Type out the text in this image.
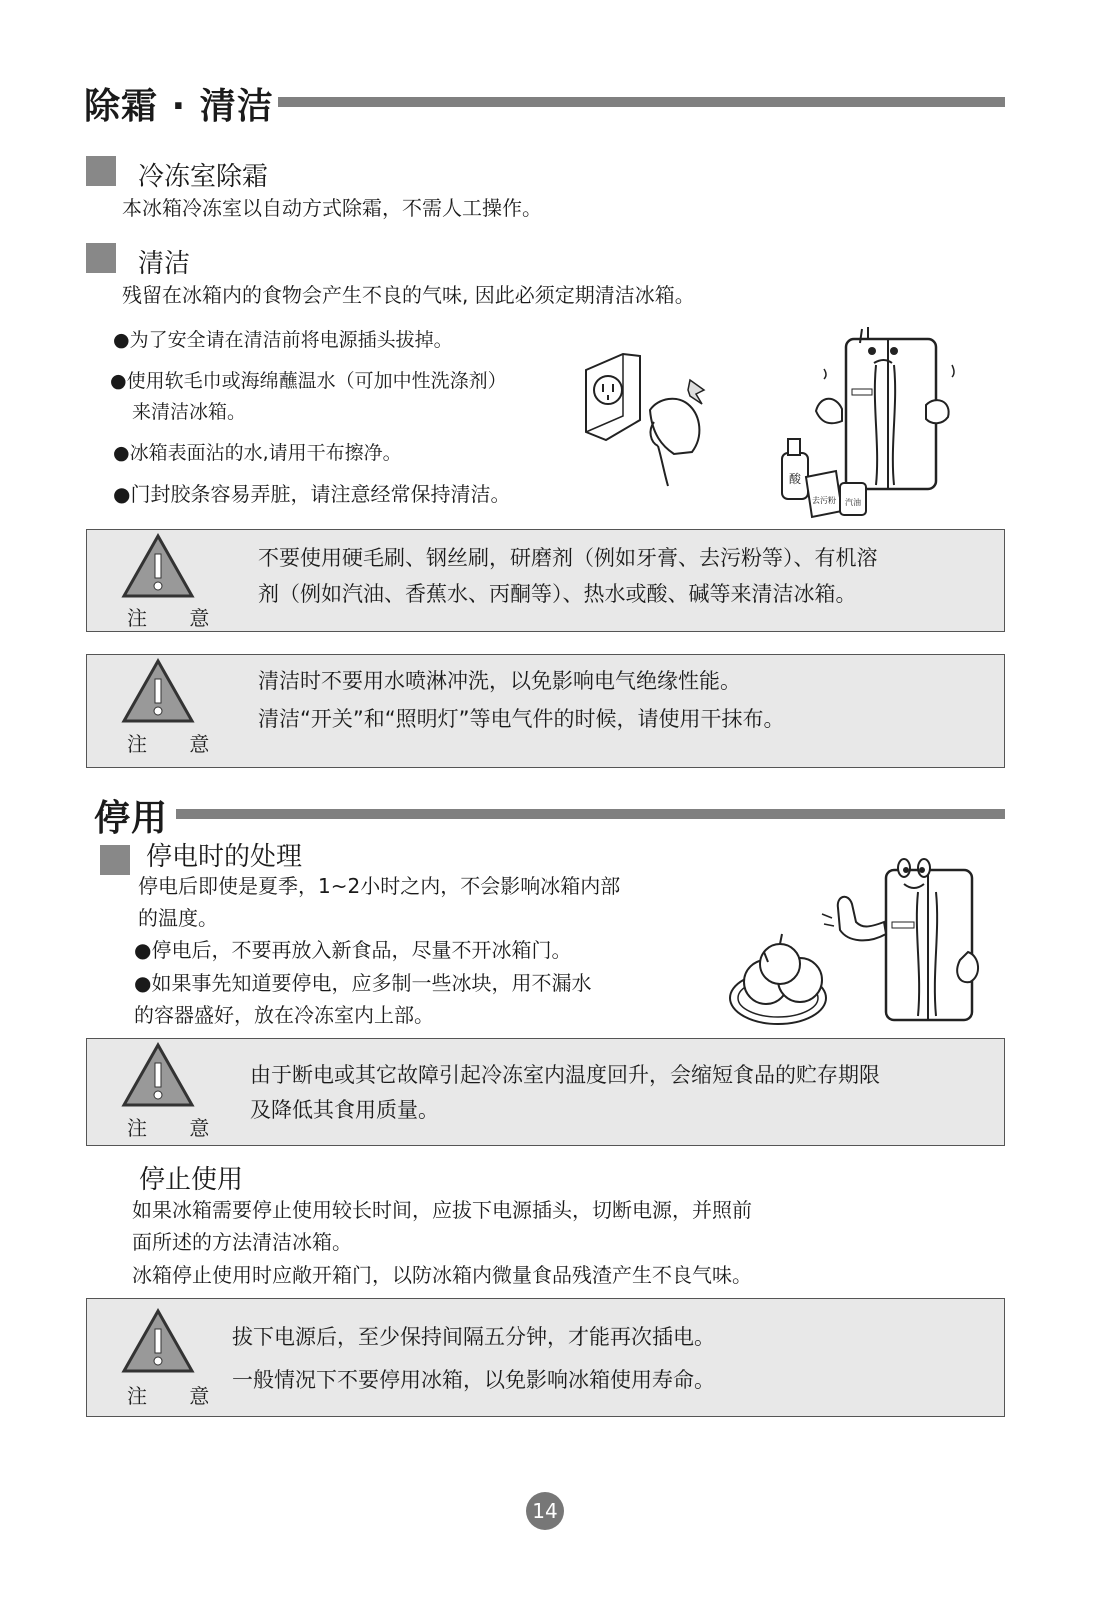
除霜 · 清洁
冷冻室除霜
本冰箱冷冻室以自动方式除霜，不需人工操作。
清洁
残留在冰箱内的食物会产生不良的气味, 因此必须定期清洁冰箱。
●为了安全请在清洁前将电源插头拔掉。
●使用软毛巾或海绵蘸温水（可加中性洗涤剂）
来清洁冰箱。
●冰箱表面沾的水,请用干布擦净。
●门封胶条容易弄脏，请注意经常保持清洁。
酸
去污粉 汽油
注 意
不要使用硬毛刷、钢丝刷，研磨剂（例如牙膏、去污粉等）、有机溶
剂（例如汽油、香蕉水、丙酮等）、热水或酸、碱等来清洁冰箱。
注 意
清洁时不要用水喷淋冲洗，以免影响电气绝缘性能。
清洁“开关”和“照明灯”等电气件的时候，请使用干抹布。
停用
停电时的处理
停电后即使是夏季，1~2小时之内，不会影响冰箱内部
的温度。
●停电后，不要再放入新食品，尽量不开冰箱门。
●如果事先知道要停电，应多制一些冰块，用不漏水
的容器盛好，放在冷冻室内上部。
注 意
由于断电或其它故障引起冷冻室内温度回升，会缩短食品的贮存期限
及降低其食用质量。
停止使用
如果冰箱需要停止使用较长时间，应拔下电源插头，切断电源，并照前
面所述的方法清洁冰箱。
冰箱停止使用时应敞开箱门，以防冰箱内微量食品残渣产生不良气味。
注 意
拔下电源后，至少保持间隔五分钟，才能再次插电。
一般情况下不要停用冰箱，以免影响冰箱使用寿命。
14
